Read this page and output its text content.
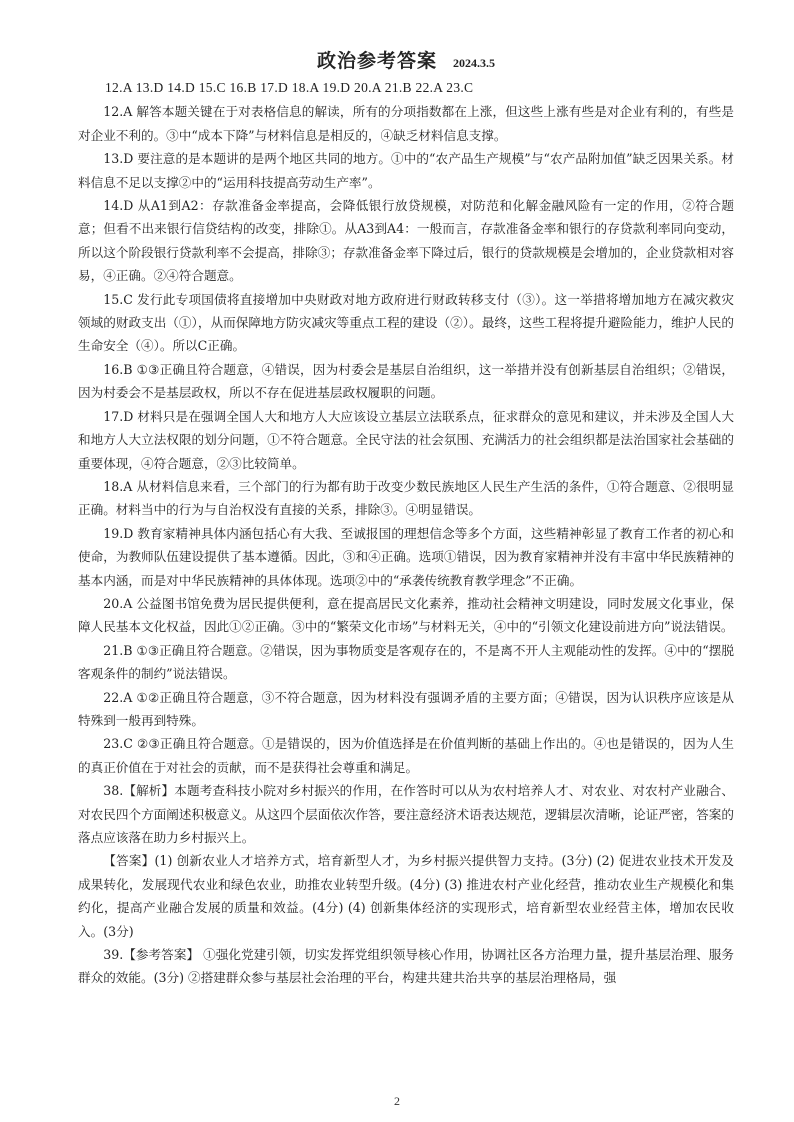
政治参考答案 2024.3.5

12.A 13.D 14.D 15.C 16.B 17.D 18.A 19.D 20.A 21.B 22.A 23.C

12.A 解答本题关键在于对表格信息的解读，所有的分项指数都在上涨，但这些上涨有些是对企业有利的，有些是对企业不利的。③中“成本下降”与材料信息是相反的，④缺乏材料信息支撑。

13.D 要注意的是本题讲的是两个地区共同的地方。①中的“农产品生产规模”与“农产品附加值”缺乏因果关系。材料信息不足以支撑②中的“运用科技提高劳动生产率”。

14.D 从A1到A2：存款准备金率提高，会降低银行放贷规模，对防范和化解金融风险有一定的作用，②符合题意；但看不出来银行信贷结构的改变，排除①。从A3到A4：一般而言，存款准备金率和银行的存贷款利率同向变动，所以这个阶段银行贷款利率不会提高，排除③；存款准备金率下降过后，银行的贷款规模是会增加的，企业贷款相对容易，④正确。②④符合题意。

15.C 发行此专项国债将直接增加中央财政对地方政府进行财政转移支付（③）。这一举措将增加地方在减灾救灾领域的财政支出（①），从而保障地方防灾减灾等重点工程的建设（②）。最终，这些工程将提升避险能力，维护人民的生命安全（④）。所以C正确。

16.B ①③正确且符合题意，④错误，因为村委会是基层自治组织，这一举措并没有创新基层自治组织；②错误，因为村委会不是基层政权，所以不存在促进基层政权履职的问题。

17.D 材料只是在强调全国人大和地方人大应该设立基层立法联系点，征求群众的意见和建议，并未涉及全国人大和地方人大立法权限的划分问题，①不符合题意。全民守法的社会氛围、充满活力的社会组织都是法治国家社会基础的重要体现，④符合题意，②③比较简单。

18.A 从材料信息来看，三个部门的行为都有助于改变少数民族地区人民生产生活的条件，①符合题意、②很明显正确。材料当中的行为与自治权没有直接的关系，排除③。④明显错误。

19.D 教育家精神具体内涵包括心有大我、至诚报国的理想信念等多个方面，这些精神彰显了教育工作者的初心和使命，为教师队伍建设提供了基本遵循。因此，③和④正确。选项①错误，因为教育家精神并没有丰富中华民族精神的基本内涵，而是对中华民族精神的具体体现。选项②中的“承袭传统教育教学理念”不正确。

20.A 公益图书馆免费为居民提供便利，意在提高居民文化素养，推动社会精神文明建设，同时发展文化事业，保障人民基本文化权益，因此①②正确。③中的“繁荣文化市场”与材料无关，④中的“引领文化建设前进方向”说法错误。

21.B ①③正确且符合题意。②错误，因为事物质变是客观存在的，不是离不开人主观能动性的发挥。④中的“摆脱客观条件的制约”说法错误。

22.A ①②正确且符合题意，③不符合题意，因为材料没有强调矛盾的主要方面；④错误，因为认识秩序应该是从特殊到一般再到特殊。

23.C ②③正确且符合题意。①是错误的，因为价值选择是在价值判断的基础上作出的。④也是错误的，因为人生的真正价值在于对社会的贡献，而不是获得社会尊重和满足。

38.【解析】本题考查科技小院对乡村振兴的作用，在作答时可以从为农村培养人才、对农业、对农村产业融合、对农民四个方面阐述积极意义。从这四个层面依次作答，要注意经济术语表达规范，逻辑层次清晰，论证严密，答案的落点应该落在助力乡村振兴上。

【答案】(1) 创新农业人才培养方式，培育新型人才，为乡村振兴提供智力支持。(3分) (2) 促进农业技术开发及成果转化，发展现代农业和绿色农业，助推农业转型升级。(4分) (3) 推进农村产业化经营，推动农业生产规模化和集约化，提高产业融合发展的质量和效益。(4分) (4) 创新集体经济的实现形式，培育新型农业经营主体，增加农民收入。(3分)

39.【参考答案】 ①强化党建引领，切实发挥党组织领导核心作用，协调社区各方治理力量，提升基层治理、服务群众的效能。(3分) ②搭建群众参与基层社会治理的平台，构建共建共治共享的基层治理格局，强

2
